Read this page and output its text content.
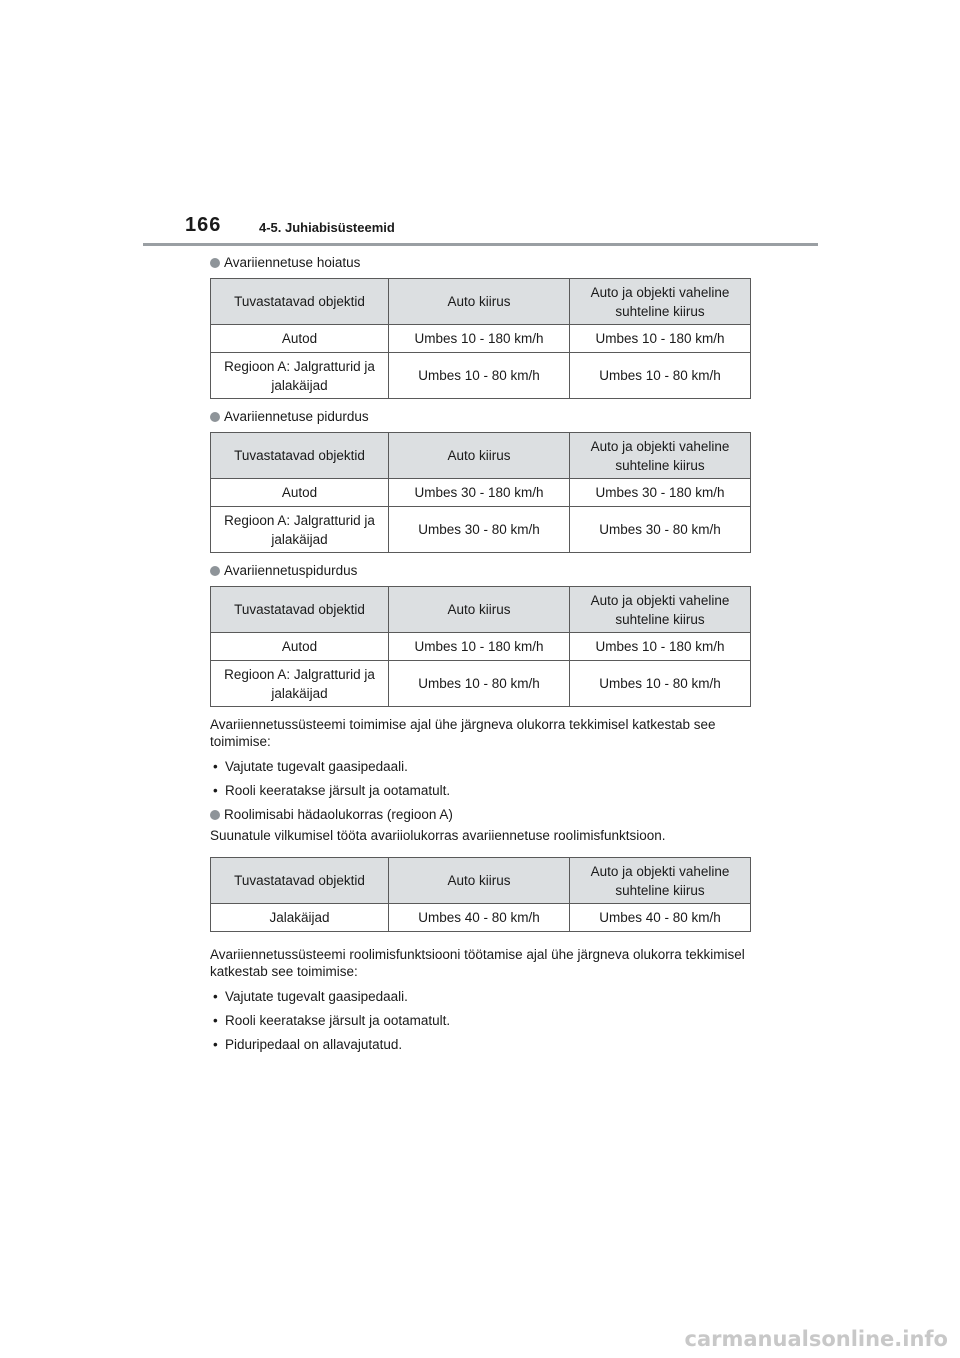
166	4-5. Juhiabisüsteemid
Avariiennetuse hoiatus
Tuvastatavad objektid	Auto kiirus	Auto ja objekti vaheline suhteline kiirus
Autod	Umbes 10 - 180 km/h	Umbes 10 - 180 km/h
Regioon A: Jalgratturid ja jalakäijad	Umbes 10 - 80 km/h	Umbes 10 - 80 km/h
Avariiennetuse pidurdus
Tuvastatavad objektid	Auto kiirus	Auto ja objekti vaheline suhteline kiirus
Autod	Umbes 30 - 180 km/h	Umbes 30 - 180 km/h
Regioon A: Jalgratturid ja jalakäijad	Umbes 30 - 80 km/h	Umbes 30 - 80 km/h
Avariiennetuspidurdus
Tuvastatavad objektid	Auto kiirus	Auto ja objekti vaheline suhteline kiirus
Autod	Umbes 10 - 180 km/h	Umbes 10 - 180 km/h
Regioon A: Jalgratturid ja jalakäijad	Umbes 10 - 80 km/h	Umbes 10 - 80 km/h

Avariiennetussüsteemi toimimise ajal ühe järgneva olukorra tekkimisel katkestab see toimimise:

• Vajutate tugevalt gaasipedaali.
• Rooli keeratakse järsult ja ootamatult.
Roolimisabi hädaolukorras (regioon A)

Suunatule vilkumisel tööta avariiolukorras avariiennetuse roolimisfunktsioon.

Tuvastatavad objektid	Auto kiirus	Auto ja objekti vaheline suhteline kiirus
Jalakäijad	Umbes 40 - 80 km/h	Umbes 40 - 80 km/h

Avariiennetussüsteemi roolimisfunktsiooni töötamise ajal ühe järgneva olukorra tekkimisel katkestab see toimimise:

• Vajutate tugevalt gaasipedaali.
• Rooli keeratakse järsult ja ootamatult.
• Piduripedaal on allavajutatud.
carmanualsonline.info
